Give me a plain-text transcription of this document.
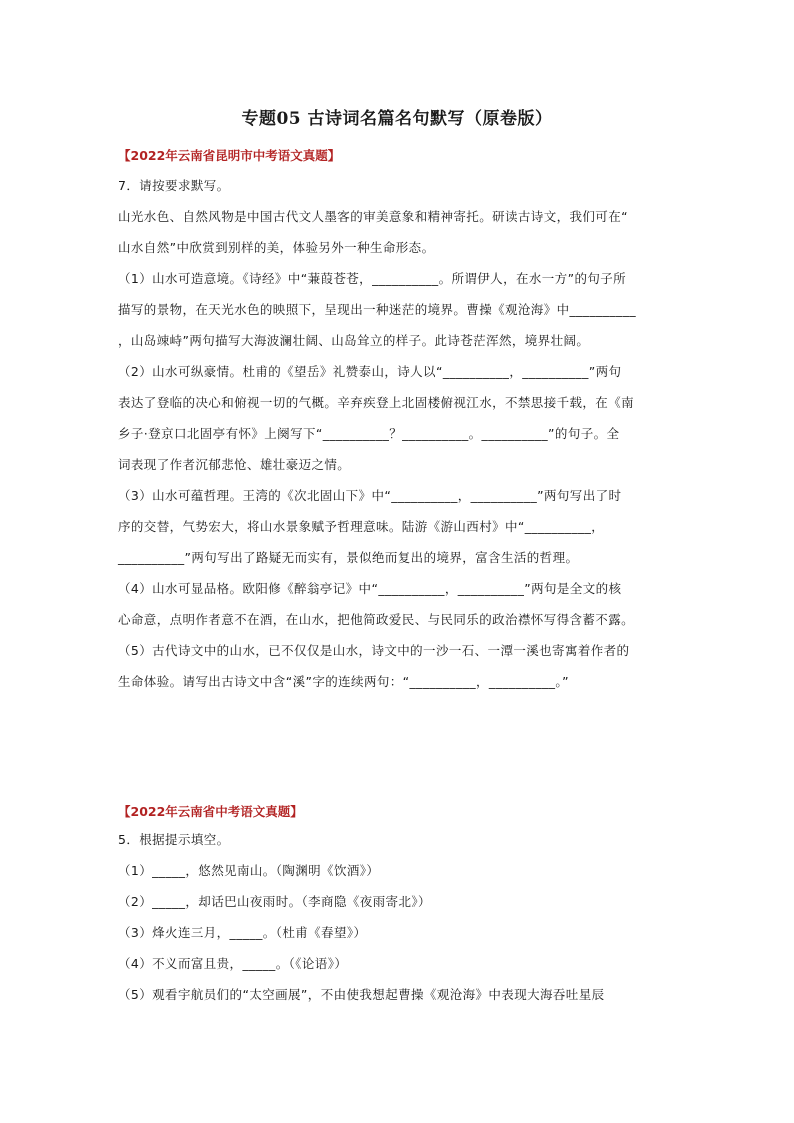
专题05 古诗词名篇名句默写（原卷版）
【2022年云南省昆明市中考语文真题】
7．请按要求默写。
山光水色、自然风物是中国古代文人墨客的审美意象和精神寄托。研读古诗文，我们可在“
山水自然”中欣赏到别样的美，体验另外一种生命形态。
（1）山水可造意境。《诗经》中“蒹葭苍苍，__________。所谓伊人，在水一方”的句子所
描写的景物，在天光水色的映照下，呈现出一种迷茫的境界。曹操《观沧海》中__________
，山岛竦峙”两句描写大海波澜壮阔、山岛耸立的样子。此诗苍茫浑然，境界壮阔。
（2）山水可纵豪情。杜甫的《望岳》礼赞泰山，诗人以“__________，__________”两句
表达了登临的决心和俯视一切的气概。辛弃疾登上北固楼俯视江水，不禁思接千载，在《南
乡子·登京口北固亭有怀》上阕写下“__________？__________。__________”的句子。全
词表现了作者沉郁悲怆、雄壮豪迈之情。
（3）山水可蕴哲理。王湾的《次北固山下》中“__________，__________”两句写出了时
序的交替，气势宏大，将山水景象赋予哲理意味。陆游《游山西村》中“__________，
__________”两句写出了路疑无而实有，景似绝而复出的境界，富含生活的哲理。
（4）山水可显品格。欧阳修《醉翁亭记》中“__________，__________”两句是全文的核
心命意，点明作者意不在酒，在山水，把他简政爱民、与民同乐的政治襟怀写得含蓄不露。
（5）古代诗文中的山水，已不仅仅是山水，诗文中的一沙一石、一潭一溪也寄寓着作者的
生命体验。请写出古诗文中含“溪”字的连续两句：“__________，__________。”
【2022年云南省中考语文真题】
5．根据提示填空。
（1）_____，悠然见南山。（陶渊明《饮酒》）
（2）_____，却话巴山夜雨时。（李商隐《夜雨寄北》）
（3）烽火连三月，_____。（杜甫《春望》）
（4）不义而富且贵，_____。（《论语》）
（5）观看宇航员们的“太空画展”，不由使我想起曹操《观沧海》中表现大海吞吐星辰
